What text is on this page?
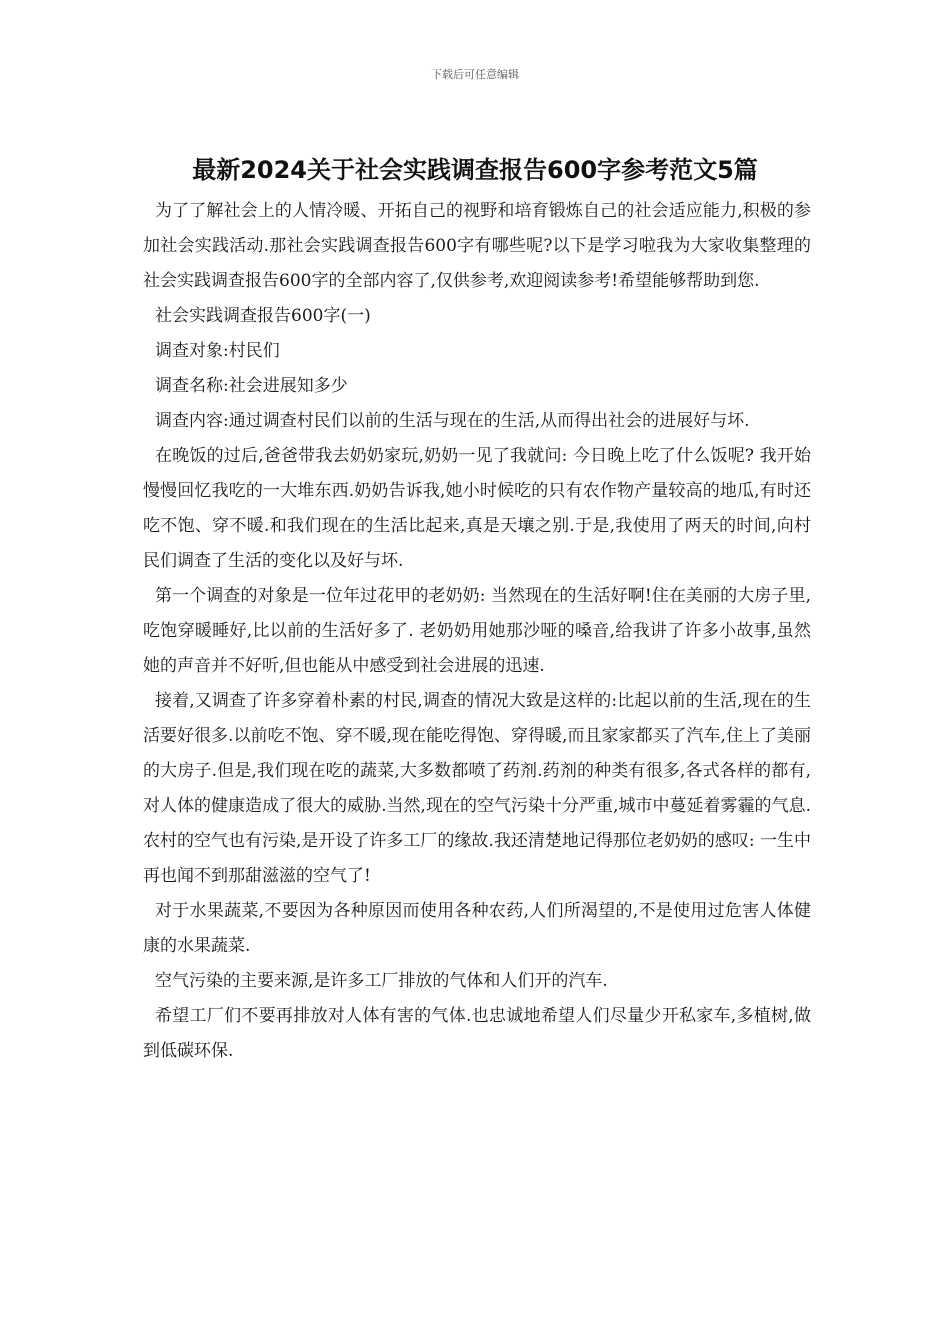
下载后可任意编辑
最新2024关于社会实践调查报告600字参考范文5篇

为了了解社会上的人情冷暖、开拓自己的视野和培育锻炼自己的社会适应能力,积极的参加社会实践活动.那社会实践调查报告600字有哪些呢?以下是学习啦我为大家收集整理的社会实践调查报告600字的全部内容了,仅供参考,欢迎阅读参考!希望能够帮助到您.

社会实践调查报告600字(一)

调查对象:村民们

调查名称:社会进展知多少

调查内容:通过调查村民们以前的生活与现在的生活,从而得出社会的进展好与坏.

在晚饭的过后,爸爸带我去奶奶家玩,奶奶一见了我就问: 今日晚上吃了什么饭呢? 我开始慢慢回忆我吃的一大堆东西.奶奶告诉我,她小时候吃的只有农作物产量较高的地瓜,有时还吃不饱、穿不暖.和我们现在的生活比起来,真是天壤之别.于是,我使用了两天的时间,向村民们调查了生活的变化以及好与坏.

第一个调查的对象是一位年过花甲的老奶奶: 当然现在的生活好啊!住在美丽的大房子里,吃饱穿暖睡好,比以前的生活好多了. 老奶奶用她那沙哑的嗓音,给我讲了许多小故事,虽然她的声音并不好听,但也能从中感受到社会进展的迅速.

接着,又调查了许多穿着朴素的村民,调查的情况大致是这样的:比起以前的生活,现在的生活要好很多.以前吃不饱、穿不暖,现在能吃得饱、穿得暖,而且家家都买了汽车,住上了美丽的大房子.但是,我们现在吃的蔬菜,大多数都喷了药剂.药剂的种类有很多,各式各样的都有,对人体的健康造成了很大的威胁.当然,现在的空气污染十分严重,城市中蔓延着雾霾的气息.农村的空气也有污染,是开设了许多工厂的缘故.我还清楚地记得那位老奶奶的感叹: 一生中再也闻不到那甜滋滋的空气了!

对于水果蔬菜,不要因为各种原因而使用各种农药,人们所渴望的,不是使用过危害人体健康的水果蔬菜.

空气污染的主要来源,是许多工厂排放的气体和人们开的汽车.

希望工厂们不要再排放对人体有害的气体.也忠诚地希望人们尽量少开私家车,多植树,做到低碳环保.
